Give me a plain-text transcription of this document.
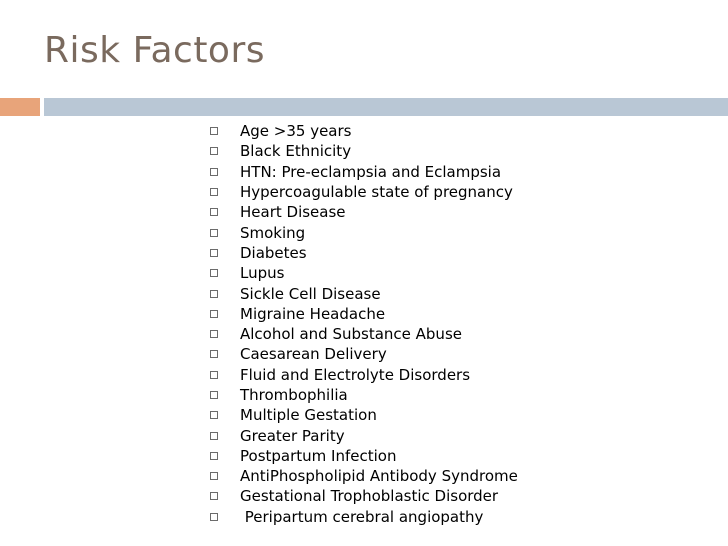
Risk Factors
Age >35 years
Black Ethnicity
HTN: Pre-eclampsia and Eclampsia
Hypercoagulable state of pregnancy
Heart Disease
Smoking
Diabetes
Lupus
Sickle Cell Disease
Migraine Headache
Alcohol and Substance Abuse
Caesarean Delivery
Fluid and Electrolyte Disorders
Thrombophilia
Multiple Gestation
Greater Parity
Postpartum Infection
AntiPhospholipid Antibody Syndrome
Gestational Trophoblastic Disorder
Peripartum cerebral angiopathy
